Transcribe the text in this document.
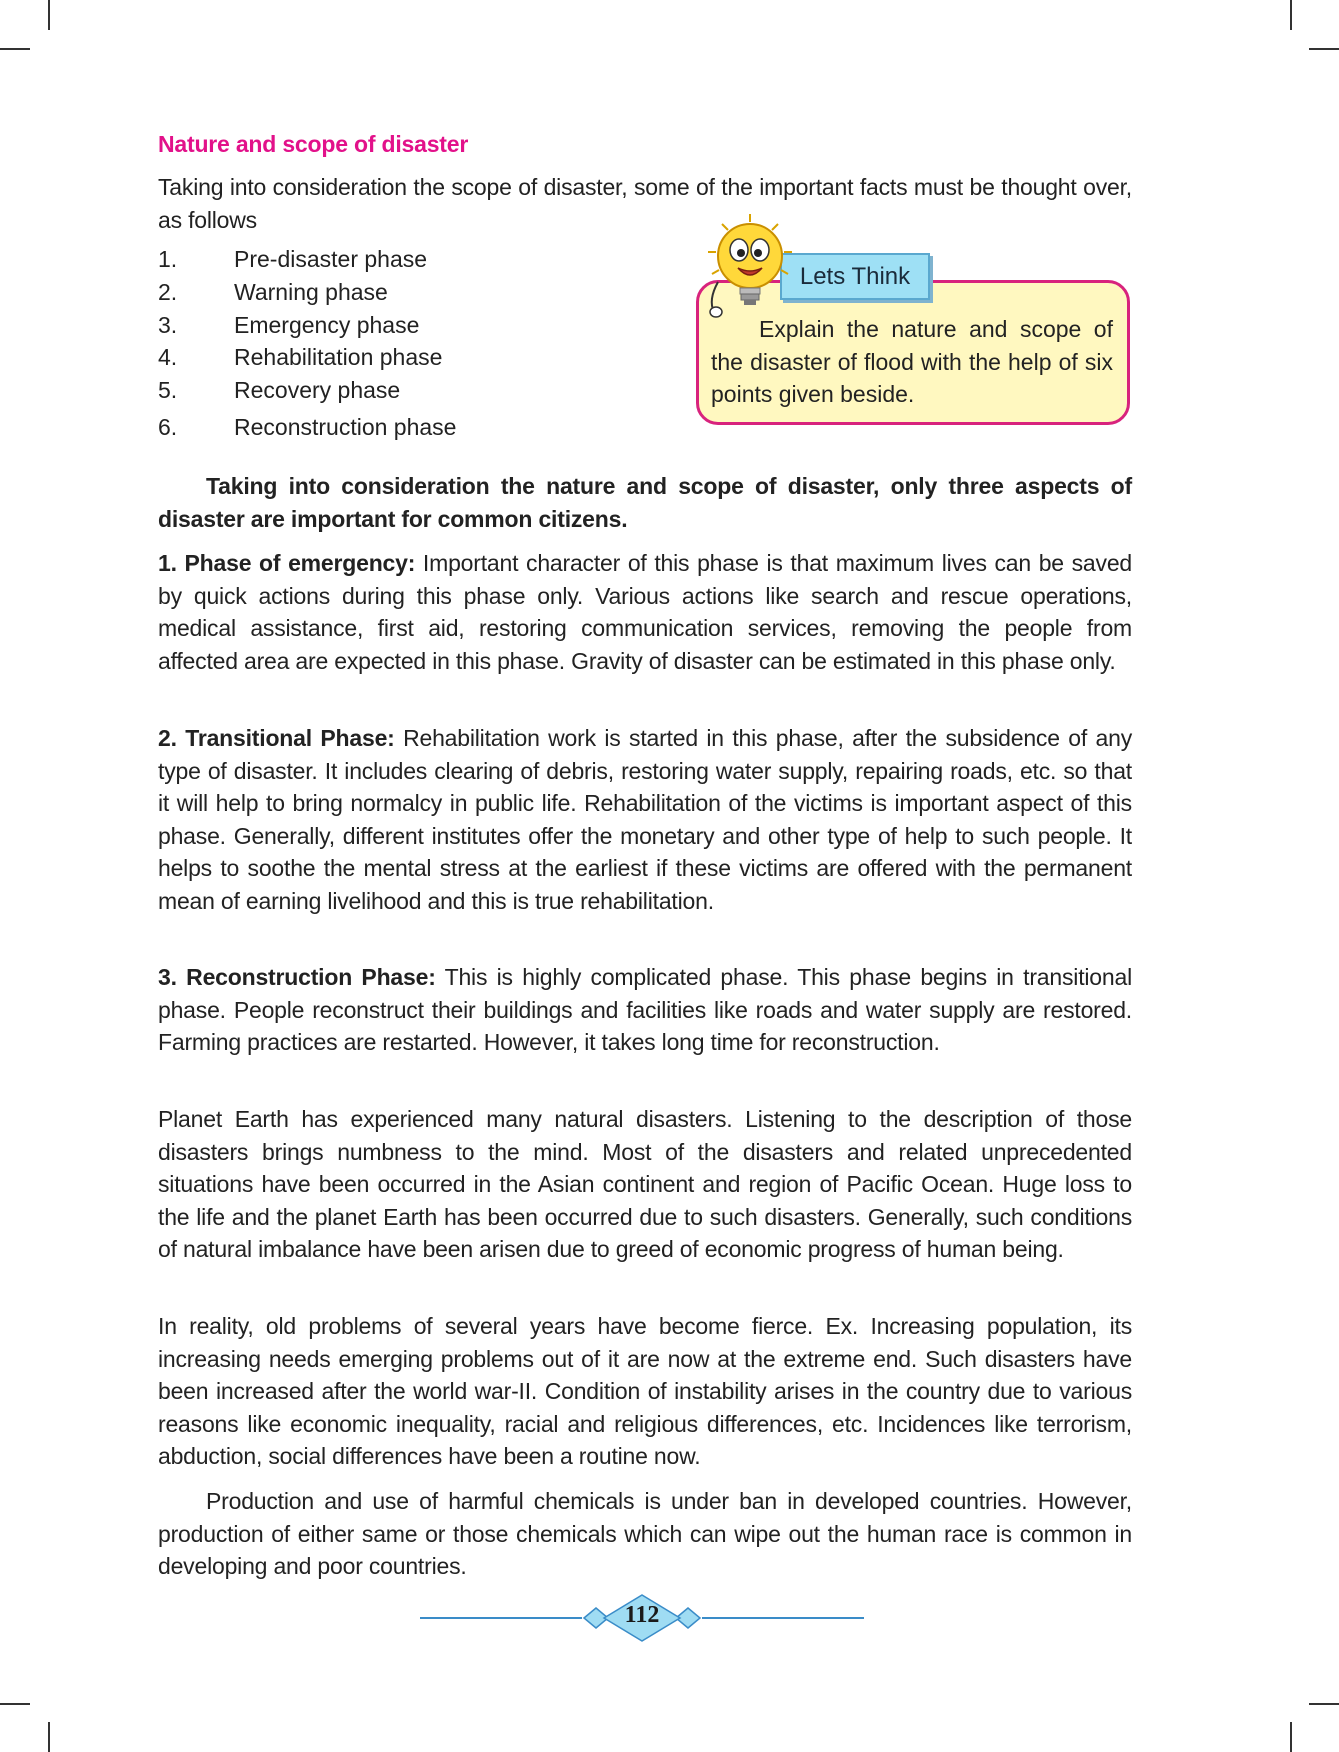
Nature and scope of disaster
Taking into consideration the scope of disaster, some of the important facts must be thought over, as follows
1.	Pre-disaster phase
2.	Warning phase
3.	Emergency phase
4.	Rehabilitation phase
5.	Recovery phase
6.	Reconstruction phase
Explain the nature and scope of the disaster of flood with the help of six points given beside.
Lets Think
Taking into consideration the nature and scope of disaster, only three aspects of disaster are important for common citizens.
1. Phase of emergency: Important character of this phase is that maximum lives can be saved by quick actions during this phase only. Various actions like search and rescue operations, medical assistance, first aid, restoring communication services, removing the people from affected area are expected in this phase. Gravity of disaster can be estimated in this phase only.
2. Transitional Phase: Rehabilitation work is started in this phase, after the subsidence of any type of disaster. It includes clearing of debris, restoring water supply, repairing roads, etc. so that it will help to bring normalcy in public life. Rehabilitation of the victims is important aspect of this phase. Generally, different institutes offer the monetary and other type of help to such people. It helps to soothe the mental stress at the earliest if these victims are offered with the permanent mean of earning livelihood and this is true rehabilitation.
3. Reconstruction Phase: This is highly complicated phase. This phase begins in transitional phase. People reconstruct their buildings and facilities like roads and water supply are restored. Farming practices are restarted. However, it takes long time for reconstruction.
Planet Earth has experienced many natural disasters. Listening to the description of those disasters brings numbness to the mind. Most of the disasters and related unprecedented situations have been occurred in the Asian continent and region of Pacific Ocean. Huge loss to the life and the planet Earth has been occurred due to such disasters. Generally, such conditions of natural imbalance have been arisen due to greed of economic progress of human being.
In reality, old problems of several years have become fierce. Ex. Increasing population, its increasing needs emerging problems out of it are now at the extreme end. Such disasters have been increased after the world war-II. Condition of instability arises in the country due to various reasons like economic inequality, racial and religious differences, etc. Incidences like terrorism, abduction, social differences have been a routine now.
Production and use of harmful chemicals is under ban in developed countries. However, production of either same or those chemicals which can wipe out the human race is common in developing and poor countries.
112
